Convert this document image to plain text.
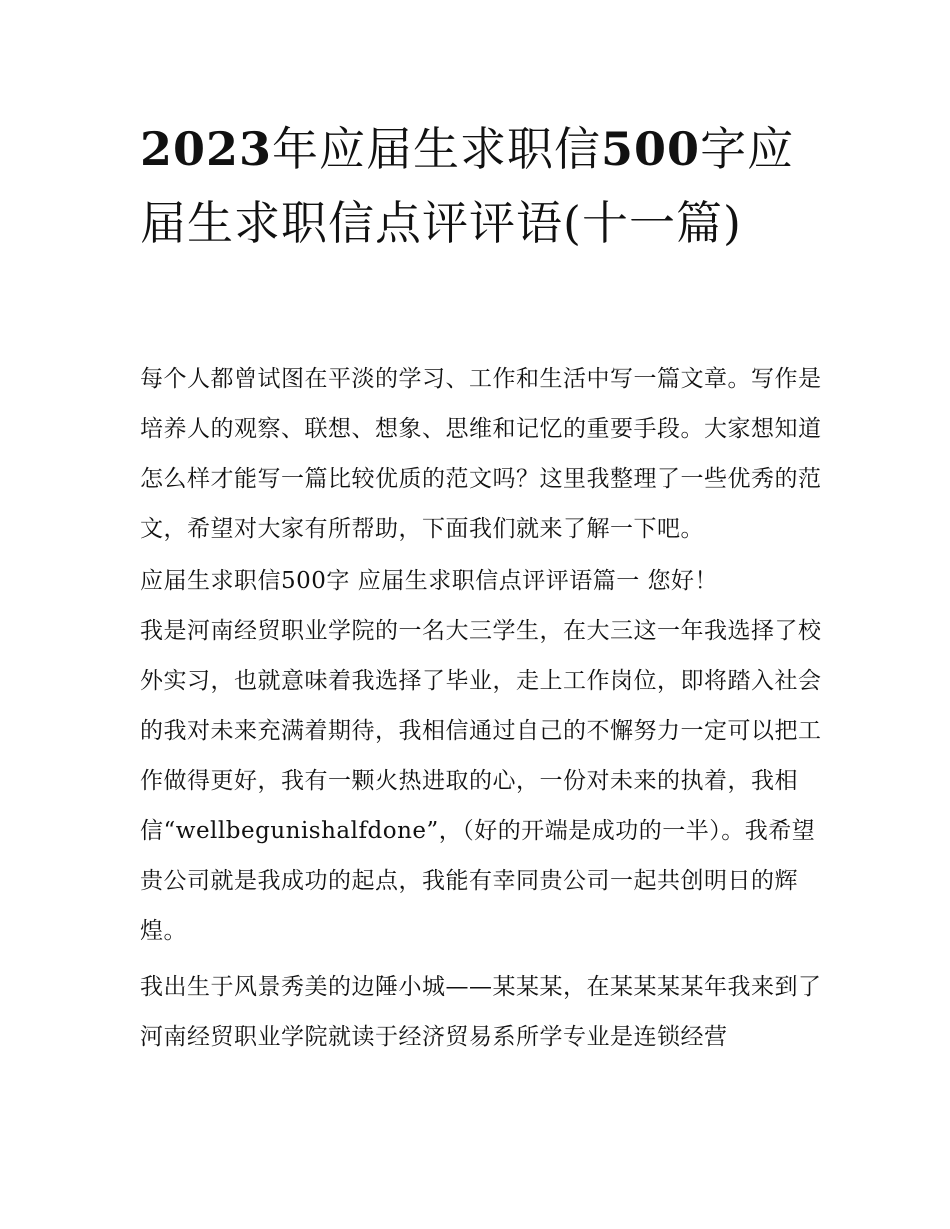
2023年应届生求职信500字应届生求职信点评评语(十一篇)

每个人都曾试图在平淡的学习、工作和生活中写一篇文章。写作是培养人的观察、联想、想象、思维和记忆的重要手段。大家想知道怎么样才能写一篇比较优质的范文吗？这里我整理了一些优秀的范文，希望对大家有所帮助，下面我们就来了解一下吧。

应届生求职信500字 应届生求职信点评评语篇一 您好！

我是河南经贸职业学院的一名大三学生，在大三这一年我选择了校外实习，也就意味着我选择了毕业，走上工作岗位，即将踏入社会的我对未来充满着期待，我相信通过自己的不懈努力一定可以把工作做得更好，我有一颗火热进取的心，一份对未来的执着，我相信“wellbegunishalfdone”，（好的开端是成功的一半）。我希望贵公司就是我成功的起点，我能有幸同贵公司一起共创明日的辉煌。

我出生于风景秀美的边陲小城——某某某，在某某某某年我来到了河南经贸职业学院就读于经济贸易系所学专业是连锁经营
